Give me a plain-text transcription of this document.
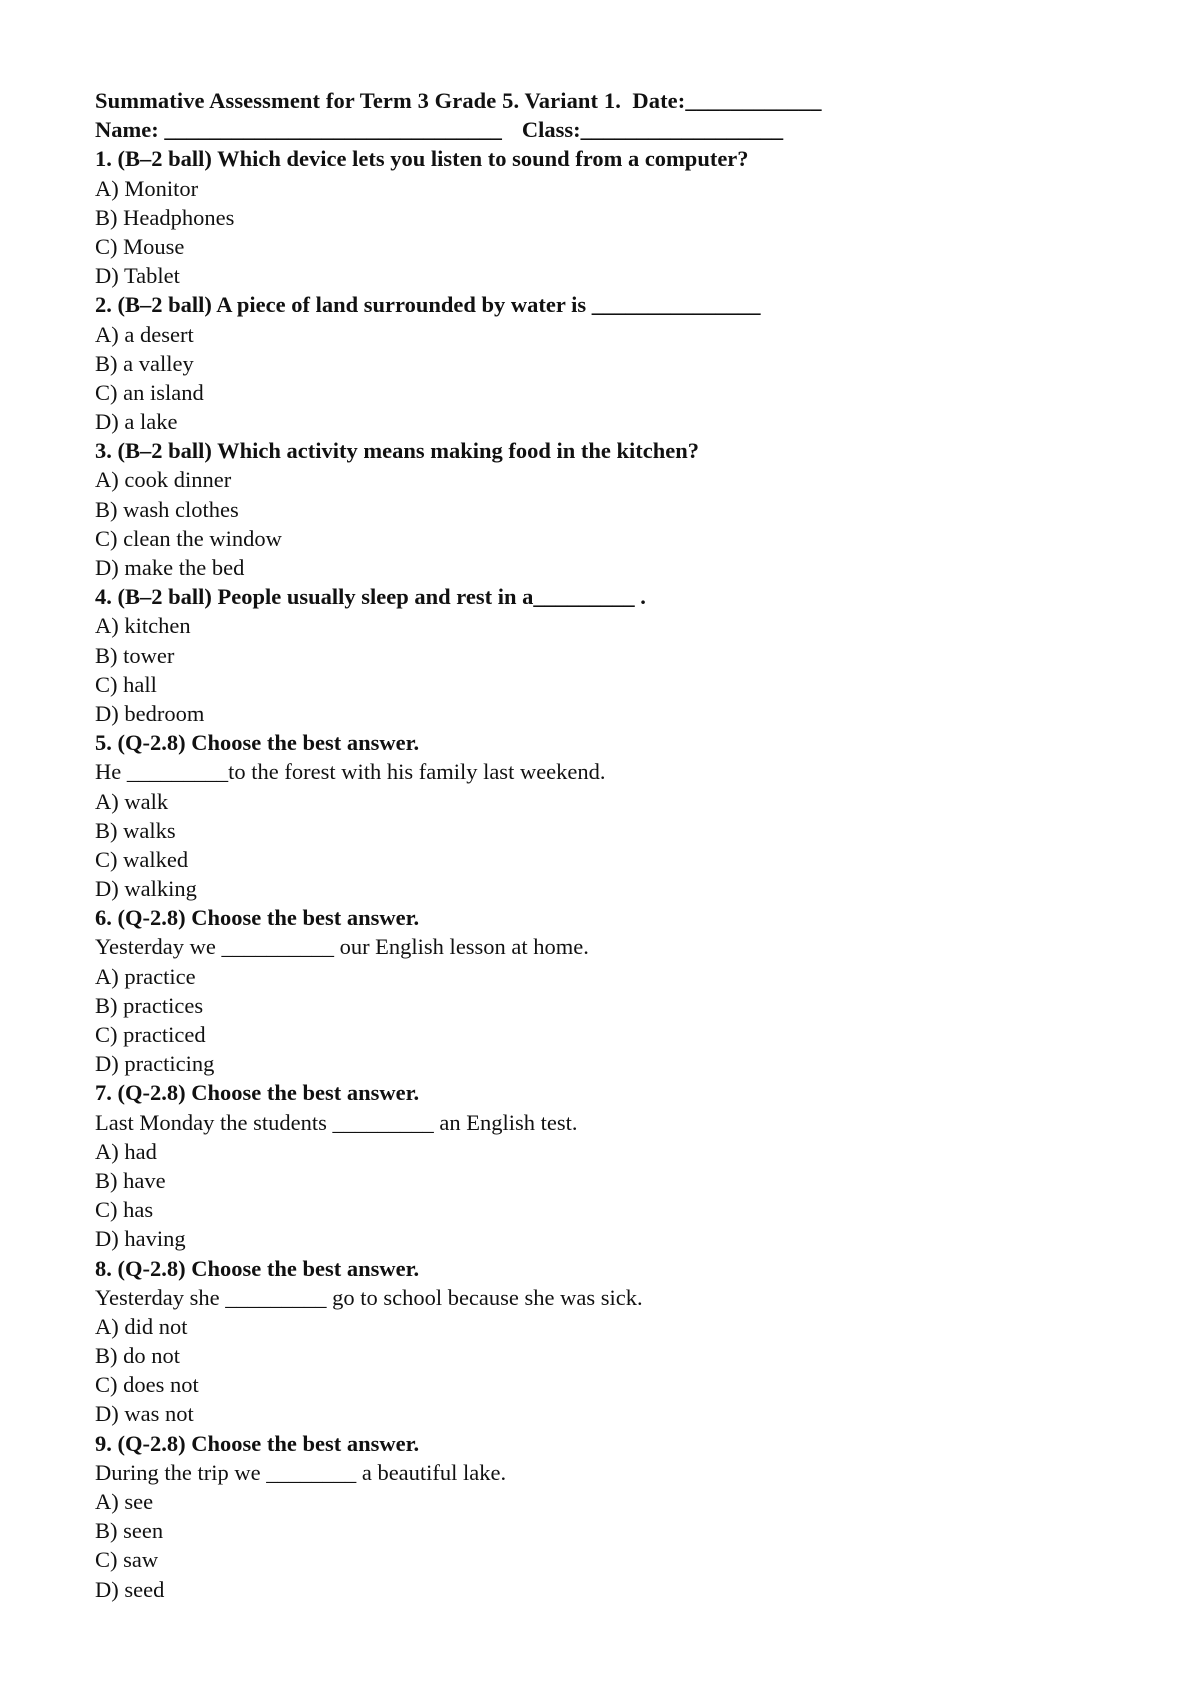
Summative Assessment for Term 3 Grade 5. Variant 1.  Date:____________
Name: ______________________________ Class:__________________
1. (B–2 ball) Which device lets you listen to sound from a computer?
A) Monitor
B) Headphones
C) Mouse
D) Tablet
2. (B–2 ball) A piece of land surrounded by water is _______________
A) a desert
B) a valley
C) an island
D) a lake
3. (B–2 ball) Which activity means making food in the kitchen?
A) cook dinner
B) wash clothes
C) clean the window
D) make the bed
4. (B–2 ball) People usually sleep and rest in a_________ .
A) kitchen
B) tower
C) hall
D) bedroom
5. (Q-2.8) Choose the best answer.
He _________to the forest with his family last weekend.
A) walk
B) walks
C) walked
D) walking
6. (Q-2.8) Choose the best answer.
Yesterday we __________ our English lesson at home.
A) practice
B) practices
C) practiced
D) practicing
7. (Q-2.8) Choose the best answer.
Last Monday the students _________ an English test.
A) had
B) have
C) has
D) having
8. (Q-2.8) Choose the best answer.
Yesterday she _________ go to school because she was sick.
A) did not
B) do not
C) does not
D) was not
9. (Q-2.8) Choose the best answer.
During the trip we ________ a beautiful lake.
A) see
B) seen
C) saw
D) seed
